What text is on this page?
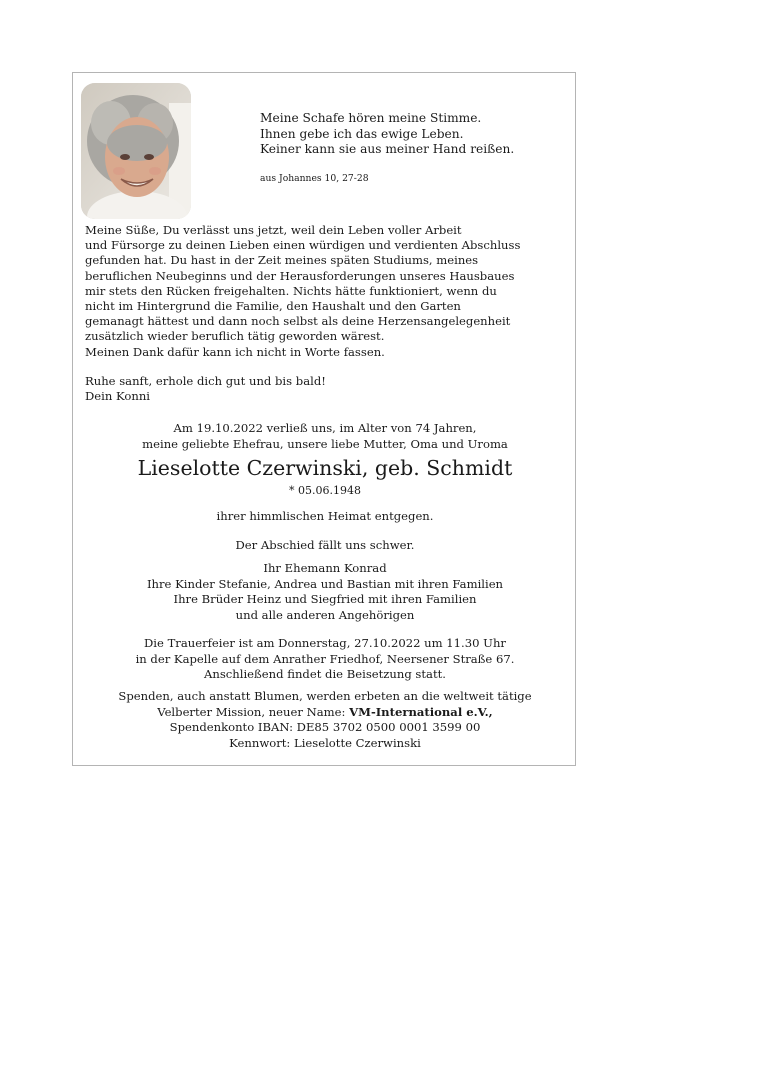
Meine Schafe hören meine Stimme.
Ihnen gebe ich das ewige Leben.
Keiner kann sie aus meiner Hand reißen.
aus Johannes 10, 27-28
Meine Süße, Du verlässt uns jetzt, weil dein Leben voller Arbeit
und Fürsorge zu deinen Lieben einen würdigen und verdienten Abschluss
gefunden hat. Du hast in der Zeit meines späten Studiums, meines
beruflichen Neubeginns und der Herausforderungen unseres Hausbaues
mir stets den Rücken freigehalten. Nichts hätte funktioniert, wenn du
nicht im Hintergrund die Familie, den Haushalt und den Garten
gemanagt hättest und dann noch selbst als deine Herzensangelegenheit
zusätzlich wieder beruflich tätig geworden wärest.
Meinen Dank dafür kann ich nicht in Worte fassen.
Ruhe sanft, erhole dich gut und bis bald!
Dein Konni
Am 19.10.2022 verließ uns, im Alter von 74 Jahren,
meine geliebte Ehefrau, unsere liebe Mutter, Oma und Uroma
Lieselotte Czerwinski, geb. Schmidt
* 05.06.1948
ihrer himmlischen Heimat entgegen.
Der Abschied fällt uns schwer.
Ihr Ehemann Konrad
Ihre Kinder Stefanie, Andrea und Bastian mit ihren Familien
Ihre Brüder Heinz und Siegfried mit ihren Familien
und alle anderen Angehörigen
Die Trauerfeier ist am Donnerstag, 27.10.2022 um 11.30 Uhr
in der Kapelle auf dem Anrather Friedhof, Neersener Straße 67.
Anschließend findet die Beisetzung statt.
Spenden, auch anstatt Blumen, werden erbeten an die weltweit tätige
Velberter Mission, neuer Name: VM-International e.V.,
Spendenkonto IBAN: DE85 3702 0500 0001 3599 00
Kennwort: Lieselotte Czerwinski
